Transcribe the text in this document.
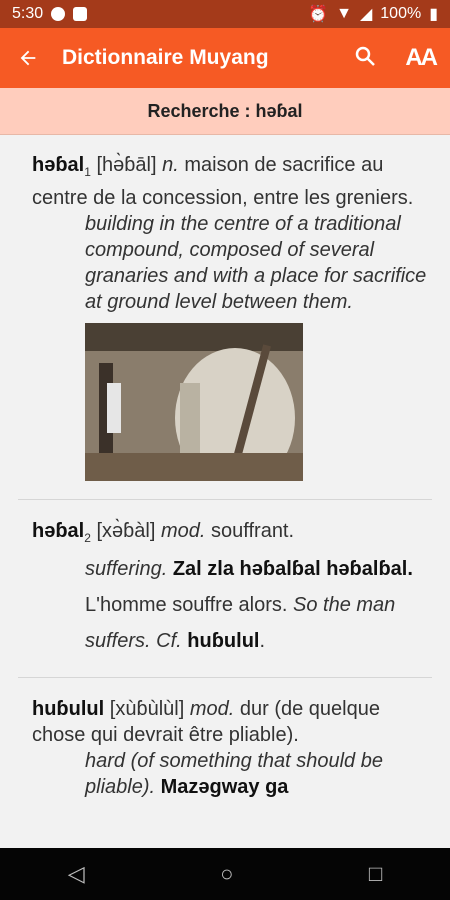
5:30	⏰ ▼ ◢ 100% ▮
Dictionnaire Muyang	AA
Recherche : həɓal
həɓal$_1$ [hə̀ɓāl] n. maison de sacrifice au centre de la concession, entre les greniers.
building in the centre of a traditional compound, composed of several granaries and with a place for sacrifice at ground level between them.
həɓal$_2$ [xə̀ɓàl] mod. souffrant.
suffering. Zal zla həɓalɓal həɓalɓal. L'homme souffre alors. So the man suffers. Cf. huɓulul.
huɓulul [xùɓùlùl] mod. dur (de quelque chose qui devrait être pliable).
hard (of something that should be pliable). Mazəgway ga
◁	○	□
